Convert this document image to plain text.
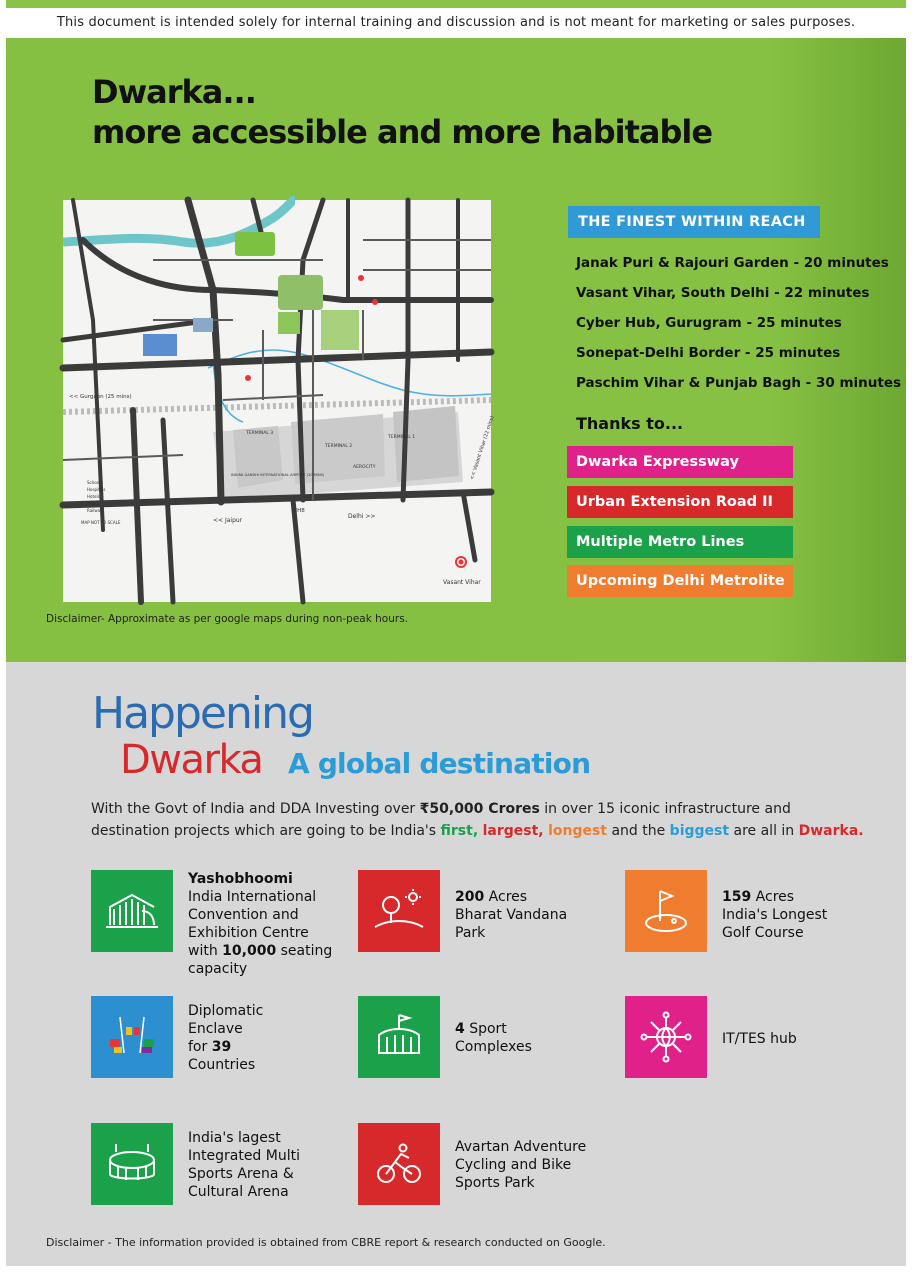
This document is intended solely for internal training and discussion and is not meant for marketing or sales purposes.
Dwarka...
more accessible and more habitable
<< Gurgaon (25 mins)
<< Jaipur
Delhi >>
NH8
Vasant Vihar
TERMINAL 3
TERMINAL 2
TERMINAL 1
AEROCITY
MAP NOT TO SCALE
Schools
Hospitals
Hotels
Metro
Railway
<< Vasant Vihar (22 mins)
INDIRA GANDHI INTERNATIONAL AIRPORT (20 MINS)
Disclaimer- Approximate as per google maps during non-peak hours.
THE FINEST WITHIN REACH
Janak Puri & Rajouri Garden - 20 minutes
Vasant Vihar, South Delhi - 22 minutes
Cyber Hub, Gurugram - 25 minutes
Sonepat-Delhi Border - 25 minutes
Paschim Vihar & Punjab Bagh - 30 minutes
Thanks to...
Dwarka Expressway
Urban Extension Road II
Multiple Metro Lines
Upcoming Delhi Metrolite
Happening
Dwarka A global destination
With the Govt of India and DDA Investing over ₹50,000 Crores in over 15 iconic infrastructure and
destination projects which are going to be India's first, largest, longest and the biggest are all in Dwarka.
Yashobhoomi
India International
Convention and
Exhibition Centre
with 10,000 seating
capacity
200 Acres
Bharat Vandana
Park
159 Acres
India's Longest
Golf Course
Diplomatic
Enclave
for 39
Countries
4 Sport
Complexes	IT/TES hub
India's lagest
Integrated Multi
Sports Arena &
Cultural Arena
Avartan Adventure
Cycling and Bike
Sports Park
Disclaimer - The information provided is obtained from CBRE report & research conducted on Google.
